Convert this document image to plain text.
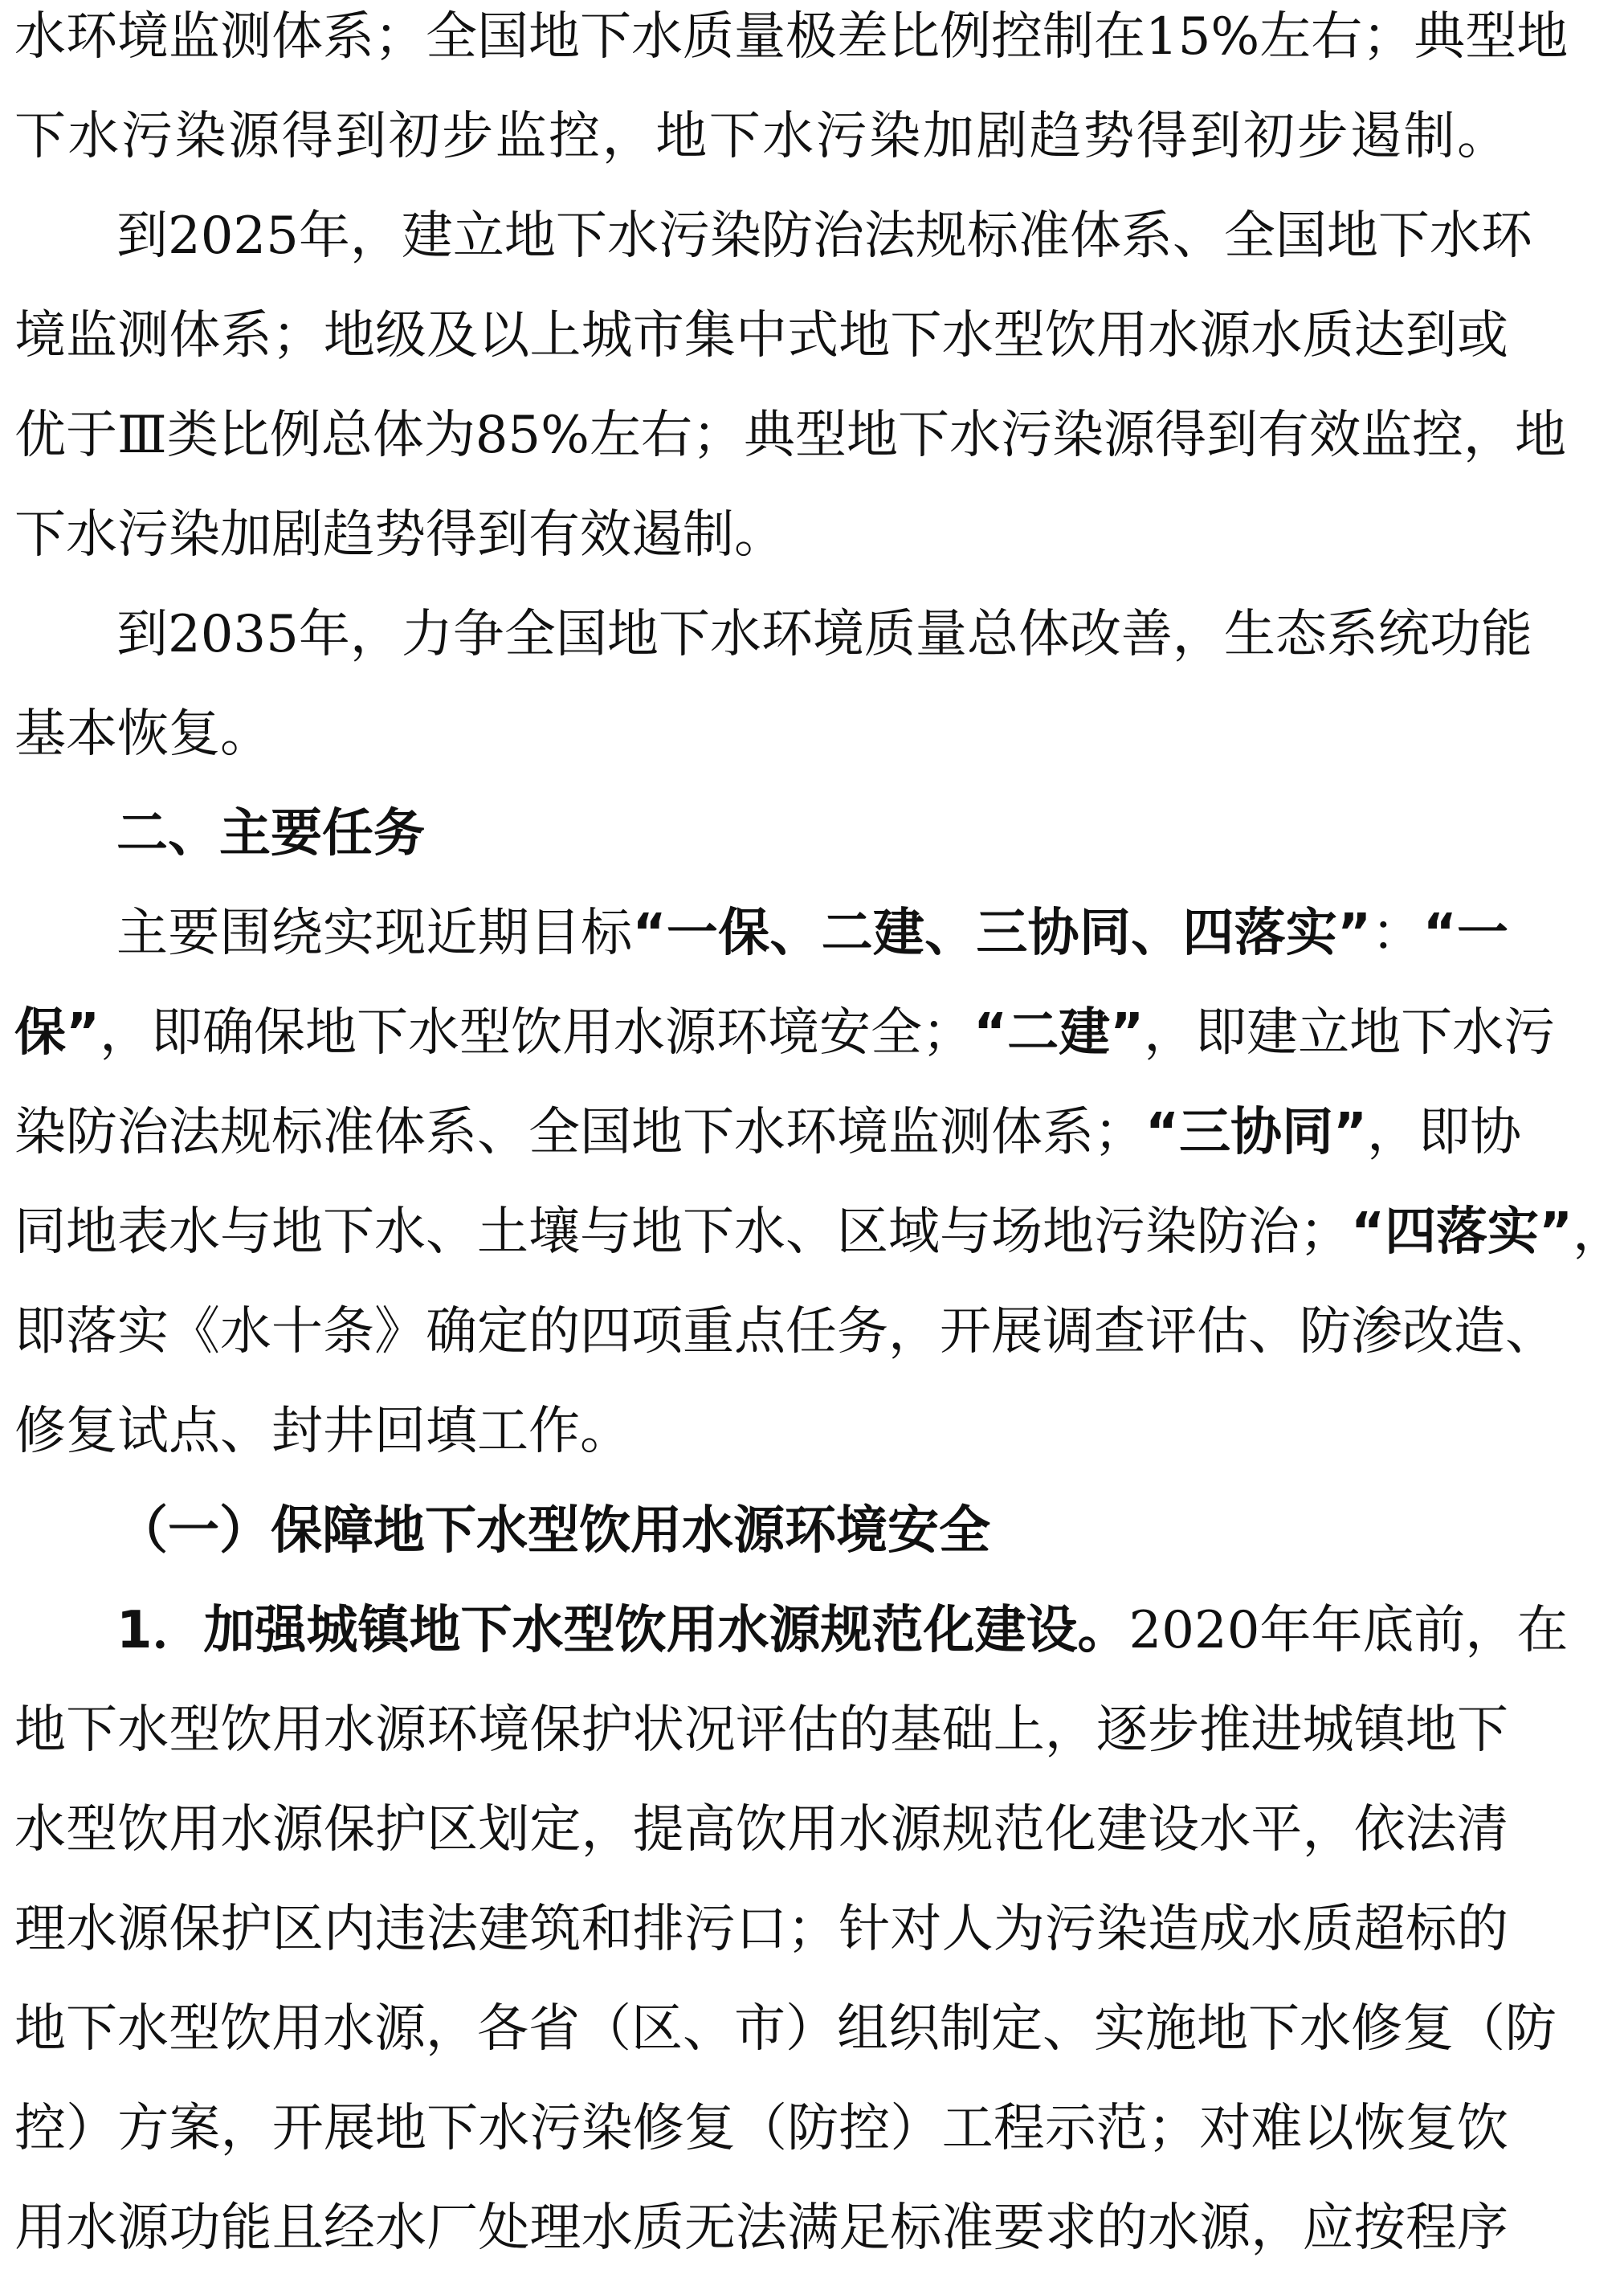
水环境监测体系；全国地下水质量极差比例控制在15%左右；典型地
下水污染源得到初步监控，地下水污染加剧趋势得到初步遏制。
到2025年，建立地下水污染防治法规标准体系、全国地下水环
境监测体系；地级及以上城市集中式地下水型饮用水源水质达到或
优于Ⅲ类比例总体为85%左右；典型地下水污染源得到有效监控，地
下水污染加剧趋势得到有效遏制。
到2035年，力争全国地下水环境质量总体改善，生态系统功能
基本恢复。
二、主要任务
主要围绕实现近期目标“一保、二建、三协同、四落实”：“一
保”，即确保地下水型饮用水源环境安全；“二建”，即建立地下水污
染防治法规标准体系、全国地下水环境监测体系；“三协同”，即协
同地表水与地下水、土壤与地下水、区域与场地污染防治；“四落实”，
即落实《水十条》确定的四项重点任务，开展调查评估、防渗改造、
修复试点、封井回填工作。
（一）保障地下水型饮用水源环境安全
1．加强城镇地下水型饮用水源规范化建设。2020年年底前，在
地下水型饮用水源环境保护状况评估的基础上，逐步推进城镇地下
水型饮用水源保护区划定，提高饮用水源规范化建设水平，依法清
理水源保护区内违法建筑和排污口；针对人为污染造成水质超标的
地下水型饮用水源，各省（区、市）组织制定、实施地下水修复（防
控）方案，开展地下水污染修复（防控）工程示范；对难以恢复饮
用水源功能且经水厂处理水质无法满足标准要求的水源，应按程序
